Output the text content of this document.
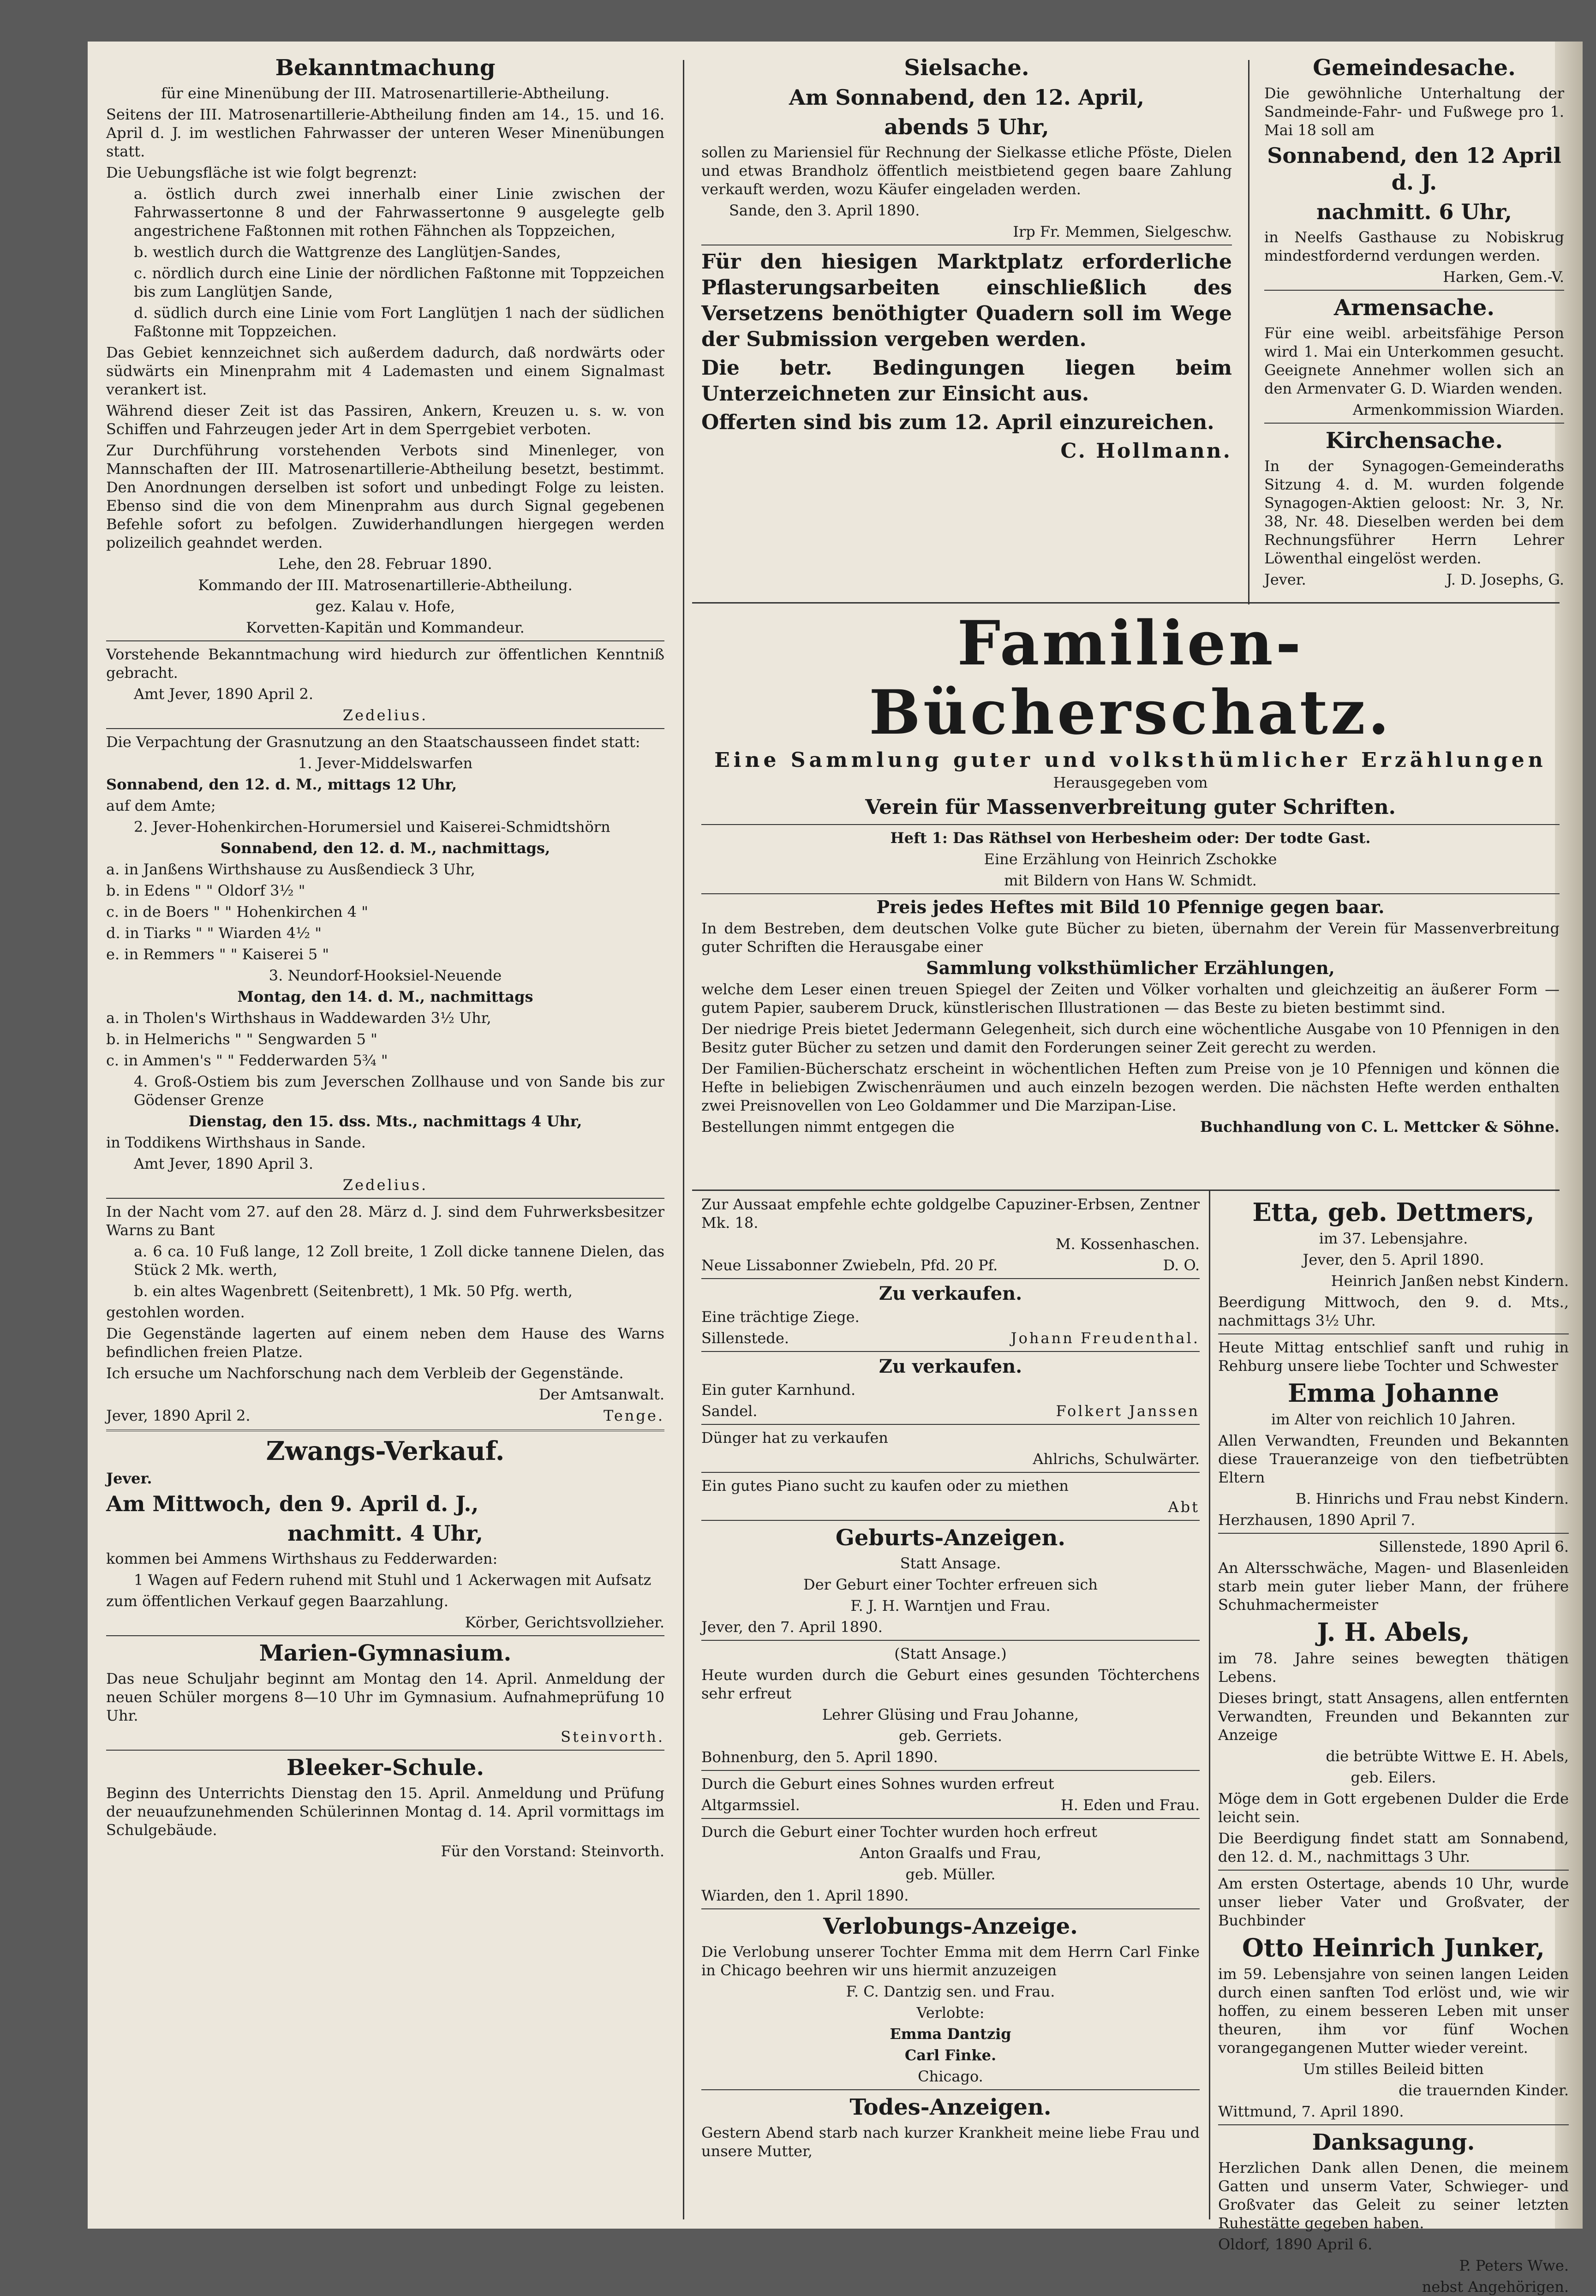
Bekanntmachung

für eine Minenübung der III. Matrosenartillerie-Abtheilung.

Seitens der III. Matrosenartillerie-Abtheilung finden am 14., 15. und 16. April d. J. im westlichen Fahrwasser der unteren Weser Minenübungen statt.

Die Uebungsfläche ist wie folgt begrenzt:

a. östlich durch zwei innerhalb einer Linie zwischen der Fahrwassertonne 8 und der Fahrwassertonne 9 ausgelegte gelb angestrichene Faßtonnen mit rothen Fähnchen als Toppzeichen,

b. westlich durch die Wattgrenze des Langlütjen-Sandes,

c. nördlich durch eine Linie der nördlichen Faßtonne mit Toppzeichen bis zum Langlütjen Sande,

d. südlich durch eine Linie vom Fort Langlütjen 1 nach der südlichen Faßtonne mit Toppzeichen.

Das Gebiet kennzeichnet sich außerdem dadurch, daß nordwärts oder südwärts ein Minenprahm mit 4 Lademasten und einem Signalmast verankert ist.

Während dieser Zeit ist das Passiren, Ankern, Kreuzen u. s. w. von Schiffen und Fahrzeugen jeder Art in dem Sperrgebiet verboten.

Zur Durchführung vorstehenden Verbots sind Minenleger, von Mannschaften der III. Matrosenartillerie-Abtheilung besetzt, bestimmt. Den Anordnungen derselben ist sofort und unbedingt Folge zu leisten. Ebenso sind die von dem Minenprahm aus durch Signal gegebenen Befehle sofort zu befolgen. Zuwiderhandlungen hiergegen werden polizeilich geahndet werden.

Lehe, den 28. Februar 1890.

Kommando der III. Matrosenartillerie-Abtheilung.

gez. Kalau v. Hofe,

Korvetten-Kapitän und Kommandeur.

Vorstehende Bekanntmachung wird hiedurch zur öffentlichen Kenntniß gebracht.

Amt Jever, 1890 April 2.

Zedelius.

Die Verpachtung der Grasnutzung an den Staatschausseen findet statt:

1. Jever-Middelswarfen

Sonnabend, den 12. d. M., mittags 12 Uhr,

auf dem Amte;

2. Jever-Hohenkirchen-Horumersiel und Kaiserei-Schmidtshörn

Sonnabend, den 12. d. M., nachmittags,

a. in Janßens Wirthshause zu Ausßendieck 3 Uhr,

b. in Edens " " Oldorf 3½ "

c. in de Boers " " Hohenkirchen 4 "

d. in Tiarks " " Wiarden 4½ "

e. in Remmers " " Kaiserei 5 "

3. Neundorf-Hooksiel-Neuende

Montag, den 14. d. M., nachmittags

a. in Tholen's Wirthshaus in Waddewarden 3½ Uhr,

b. in Helmerichs " " Sengwarden 5 "

c. in Ammen's " " Fedderwarden 5¾ "

4. Groß-Ostiem bis zum Jeverschen Zollhause und von Sande bis zur Gödenser Grenze

Dienstag, den 15. dss. Mts., nachmittags 4 Uhr,

in Toddikens Wirthshaus in Sande.

Amt Jever, 1890 April 3.

Zedelius.

In der Nacht vom 27. auf den 28. März d. J. sind dem Fuhrwerksbesitzer Warns zu Bant

a. 6 ca. 10 Fuß lange, 12 Zoll breite, 1 Zoll dicke tannene Dielen, das Stück 2 Mk. werth,

b. ein altes Wagenbrett (Seitenbrett), 1 Mk. 50 Pfg. werth,

gestohlen worden.

Die Gegenstände lagerten auf einem neben dem Hause des Warns befindlichen freien Platze.

Ich ersuche um Nachforschung nach dem Verbleib der Gegenstände.

Der Amtsanwalt.

Jever, 1890 April 2.	Tenge.
Zwangs-Verkauf.

Jever.

Am Mittwoch, den 9. April d. J.,

nachmitt. 4 Uhr,

kommen bei Ammens Wirthshaus zu Fedderwarden:

1 Wagen auf Federn ruhend mit Stuhl und 1 Ackerwagen mit Aufsatz

zum öffentlichen Verkauf gegen Baarzahlung.

Körber, Gerichtsvollzieher.

Marien-Gymnasium.

Das neue Schuljahr beginnt am Montag den 14. April. Anmeldung der neuen Schüler morgens 8—10 Uhr im Gymnasium. Aufnahmeprüfung 10 Uhr.

Steinvorth.

Bleeker-Schule.

Beginn des Unterrichts Dienstag den 15. April. Anmeldung und Prüfung der neuaufzunehmenden Schülerinnen Montag d. 14. April vormittags im Schulgebäude.

Für den Vorstand: Steinvorth.

Sielsache.

Am Sonnabend, den 12. April,

abends 5 Uhr,

sollen zu Mariensiel für Rechnung der Sielkasse etliche Pföste, Dielen und etwas Brandholz öffentlich meistbietend gegen baare Zahlung verkauft werden, wozu Käufer eingeladen werden.

Sande, den 3. April 1890.

Irp Fr. Memmen, Sielgeschw.

Für den hiesigen Marktplatz erforderliche Pflasterungsarbeiten einschließlich des Versetzens benöthigter Quadern soll im Wege der Submission vergeben werden.

Die betr. Bedingungen liegen beim Unterzeichneten zur Einsicht aus.

Offerten sind bis zum 12. April einzureichen.

C. Hollmann.

Gemeindesache.

Die gewöhnliche Unterhaltung der Sandmeinde-Fahr- und Fußwege pro 1. Mai 18 soll am

Sonnabend, den 12 April d. J.

nachmitt. 6 Uhr,

in Neelfs Gasthause zu Nobiskrug mindestfordernd verdungen werden.

Harken, Gem.-V.

Armensache.

Für eine weibl. arbeitsfähige Person wird 1. Mai ein Unterkommen gesucht. Geeignete Annehmer wollen sich an den Armenvater G. D. Wiarden wenden.

Armenkommission Wiarden.

Kirchensache.

In der Synagogen-Gemeinderaths Sitzung 4. d. M. wurden folgende Synagogen-Aktien geloost: Nr. 3, Nr. 38, Nr. 48. Dieselben werden bei dem Rechnungsführer Herrn Lehrer Löwenthal eingelöst werden.

Jever.	J. D. Josephs, G.
Familien-Bücherschatz.
Eine Sammlung guter und volksthümlicher Erzählungen

Herausgegeben vom

Verein für Massenverbreitung guter Schriften.

Heft 1: Das Räthsel von Herbesheim oder: Der todte Gast.

Eine Erzählung von Heinrich Zschokke

mit Bildern von Hans W. Schmidt.

Preis jedes Heftes mit Bild 10 Pfennige gegen baar.

In dem Bestreben, dem deutschen Volke gute Bücher zu bieten, übernahm der Verein für Massenverbreitung guter Schriften die Herausgabe einer

Sammlung volksthümlicher Erzählungen,

welche dem Leser einen treuen Spiegel der Zeiten und Völker vorhalten und gleichzeitig an äußerer Form — gutem Papier, sauberem Druck, künstlerischen Illustrationen — das Beste zu bieten bestimmt sind.

Der niedrige Preis bietet Jedermann Gelegenheit, sich durch eine wöchentliche Ausgabe von 10 Pfennigen in den Besitz guter Bücher zu setzen und damit den Forderungen seiner Zeit gerecht zu werden.

Der Familien-Bücherschatz erscheint in wöchentlichen Heften zum Preise von je 10 Pfennigen und können die Hefte in beliebigen Zwischenräumen und auch einzeln bezogen werden. Die nächsten Hefte werden enthalten zwei Preisnovellen von Leo Goldammer und Die Marzipan-Lise.

Bestellungen nimmt entgegen die	Buchhandlung von C. L. Mettcker & Söhne.

Zur Aussaat empfehle echte goldgelbe Capuziner-Erbsen, Zentner Mk. 18.

M. Kossenhaschen.

Neue Lissabonner Zwiebeln, Pfd. 20 Pf.	D. O.
Zu verkaufen.

Eine trächtige Ziege.

Sillenstede.	Johann Freudenthal.
Zu verkaufen.

Ein guter Karnhund.

Sandel.	Folkert Janssen

Dünger hat zu verkaufen

Ahlrichs, Schulwärter.

Ein gutes Piano sucht zu kaufen oder zu miethen

Abt

Geburts-Anzeigen.

Statt Ansage.

Der Geburt einer Tochter erfreuen sich

F. J. H. Warntjen und Frau.

Jever, den 7. April 1890.

(Statt Ansage.)

Heute wurden durch die Geburt eines gesunden Töchterchens sehr erfreut

Lehrer Glüsing und Frau Johanne,

geb. Gerriets.

Bohnenburg, den 5. April 1890.

Durch die Geburt eines Sohnes wurden erfreut

Altgarmssiel.	H. Eden und Frau.

Durch die Geburt einer Tochter wurden hoch erfreut

Anton Graalfs und Frau,

geb. Müller.

Wiarden, den 1. April 1890.

Verlobungs-Anzeige.

Die Verlobung unserer Tochter Emma mit dem Herrn Carl Finke in Chicago beehren wir uns hiermit anzuzeigen

F. C. Dantzig sen. und Frau.

Verlobte:

Emma Dantzig

Carl Finke.

Chicago.

Todes-Anzeigen.

Gestern Abend starb nach kurzer Krankheit meine liebe Frau und unsere Mutter,

Etta, geb. Dettmers,

im 37. Lebensjahre.

Jever, den 5. April 1890.

Heinrich Janßen nebst Kindern.

Beerdigung Mittwoch, den 9. d. Mts., nachmittags 3½ Uhr.

Heute Mittag entschlief sanft und ruhig in Rehburg unsere liebe Tochter und Schwester

Emma Johanne

im Alter von reichlich 10 Jahren.

Allen Verwandten, Freunden und Bekannten diese Traueranzeige von den tiefbetrübten Eltern

B. Hinrichs und Frau nebst Kindern.

Herzhausen, 1890 April 7.

Sillenstede, 1890 April 6.

An Altersschwäche, Magen- und Blasenleiden starb mein guter lieber Mann, der frühere Schuhmachermeister

J. H. Abels,

im 78. Jahre seines bewegten thätigen Lebens.

Dieses bringt, statt Ansagens, allen entfernten Verwandten, Freunden und Bekannten zur Anzeige

die betrübte Wittwe E. H. Abels,

geb. Eilers.

Möge dem in Gott ergebenen Dulder die Erde leicht sein.

Die Beerdigung findet statt am Sonnabend, den 12. d. M., nachmittags 3 Uhr.

Am ersten Ostertage, abends 10 Uhr, wurde unser lieber Vater und Großvater, der Buchbinder

Otto Heinrich Junker,

im 59. Lebensjahre von seinen langen Leiden durch einen sanften Tod erlöst und, wie wir hoffen, zu einem besseren Leben mit unser theuren, ihm vor fünf Wochen vorangegangenen Mutter wieder vereint.

Um stilles Beileid bitten

die trauernden Kinder.

Wittmund, 7. April 1890.

Danksagung.

Herzlichen Dank allen Denen, die meinem Gatten und unserm Vater, Schwieger- und Großvater das Geleit zu seiner letzten Ruhestätte gegeben haben.

Oldorf, 1890 April 6.

P. Peters Wwe.

nebst Angehörigen.
